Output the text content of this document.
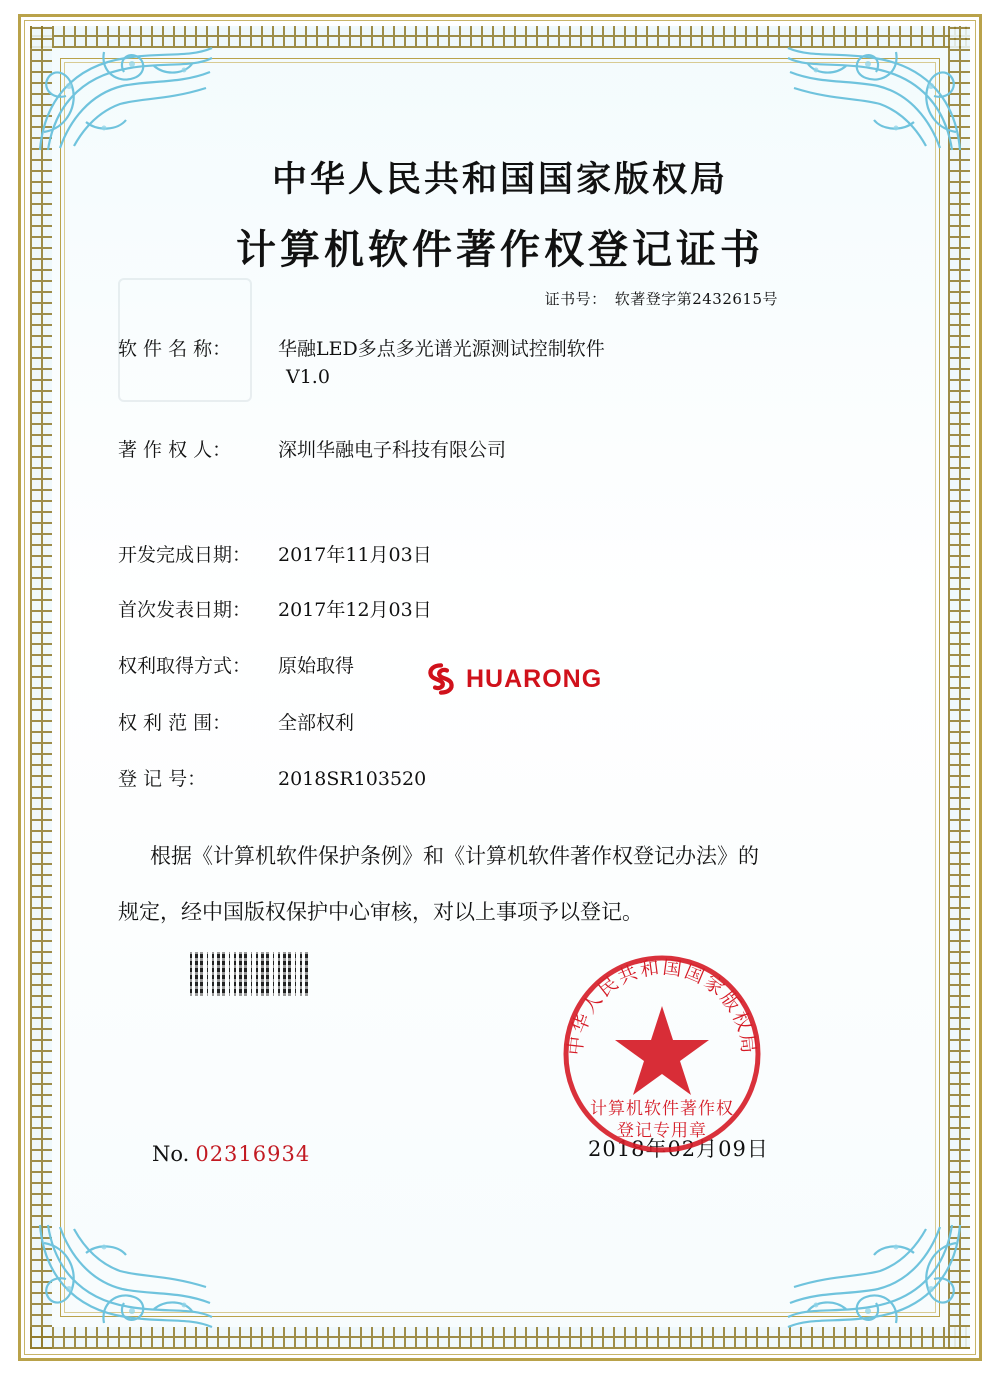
中华人民共和国国家版权局
计算机软件著作权登记证书
证书号： 软著登字第2432615号
软 件 名 称： 华融LED多点多光谱光源测试控制软件
V1.0
著 作 权 人： 深圳华融电子科技有限公司
开发完成日期： 2017年11月03日
首次发表日期： 2017年12月03日
权利取得方式： 原始取得
权 利 范 围： 全部权利
登 记 号：	2018SR103520
HUARONG
根据《计算机软件保护条例》和《计算机软件著作权登记办法》的
规定，经中国版权保护中心审核，对以上事项予以登记。
中华人民共和国国家版权局
计算机软件著作权
登记专用章
No. 02316934	2018年02月09日
